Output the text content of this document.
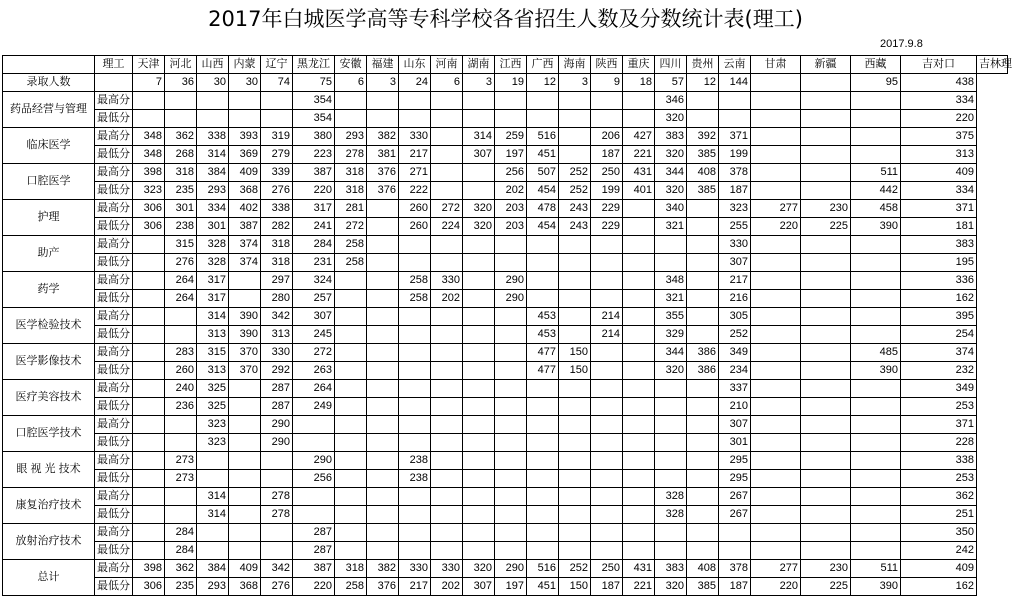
2017年白城医学高等专科学校各省招生人数及分数统计表(理工)
2017.9.8
	理工	天津	河北	山西	内蒙	辽宁	黑龙江	安徽	福建	山东	河南	湖南	江西	广西	海南	陕西	重庆	四川	贵州	云南	甘肃	新疆	西藏	吉对口	吉林理
录取人数		7	36	30	30	74	75	6	3	24	6	3	19	12	3	9	18	57	12	144			95	438	
药品经营与管理	最高分						354											346						334	
	最低分						354											320						220	
临床医学	最高分	348	362	338	393	319	380	293	382	330		314	259	516		206	427	383	392	371				375	
	最低分	348	268	314	369	279	223	278	381	217		307	197	451		187	221	320	385	199				313	
口腔医学	最高分	398	318	384	409	339	387	318	376	271			256	507	252	250	431	344	408	378			511	409	
	最低分	323	235	293	368	276	220	318	376	222			202	454	252	199	401	320	385	187			442	334	
护理	最高分	306	301	334	402	338	317	281		260	272	320	203	478	243	229		340		323	277	230	458	371	
	最低分	306	238	301	387	282	241	272		260	224	320	203	454	243	229		321		255	220	225	390	181	
助产	最高分		315	328	374	318	284	258												330				383	
	最低分		276	328	374	318	231	258												307				195	
药学	最高分		264	317		297	324			258	330		290					348		217				336	
	最低分		264	317		280	257			258	202		290					321		216				162	
医学检验技术	最高分			314	390	342	307							453		214		355		305				395	
	最低分			313	390	313	245							453		214		329		252				254	
医学影像技术	最高分		283	315	370	330	272							477	150			344	386	349			485	374	
	最低分		260	313	370	292	263							477	150			320	386	234			390	232	
医疗美容技术	最高分		240	325		287	264													337				349	
	最低分		236	325		287	249													210				253	
口腔医学技术	最高分			323		290														307				371	
	最低分			323		290														301				228	
眼 视 光 技术	最高分		273				290			238										295				338	
	最低分		273				256			238										295				253	
康复治疗技术	最高分			314		278												328		267				362	
	最低分			314		278												328		267				251	
放射治疗技术	最高分		284				287																	350	
	最低分		284				287																	242	
总计	最高分	398	362	384	409	342	387	318	382	330	330	320	290	516	252	250	431	383	408	378	277	230	511	409	
	最低分	306	235	293	368	276	220	258	376	217	202	307	197	451	150	187	221	320	385	187	220	225	390	162	
